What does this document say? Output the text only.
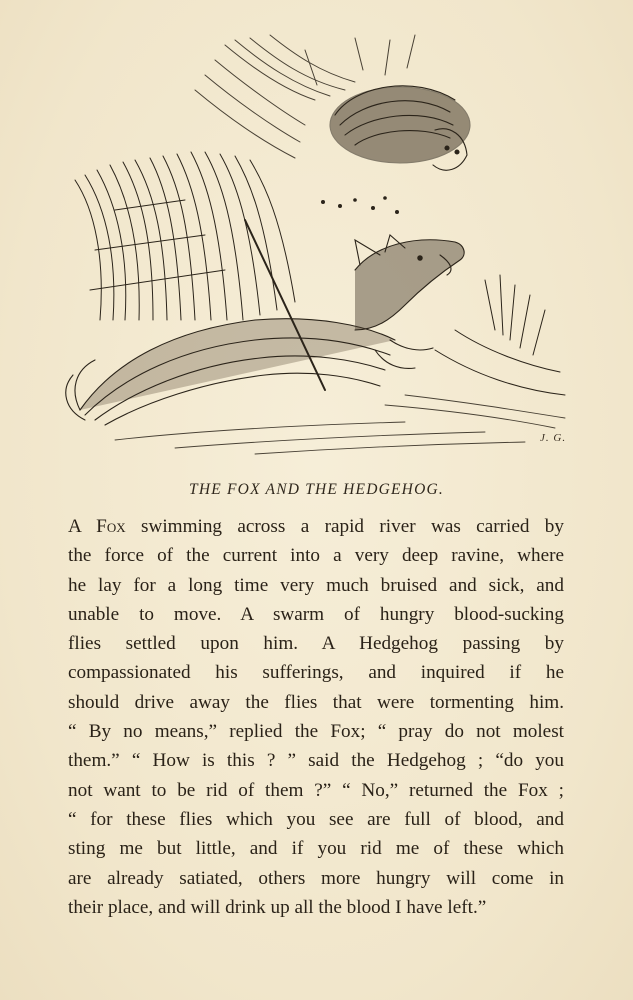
J. G.
THE FOX AND THE HEDGEHOG.
A Fox swimming across a rapid river was carried by
the force of the current into a very deep ravine, where
he lay for a long time very much bruised and sick, and
unable to move. A swarm of hungry blood-sucking
flies settled upon him. A Hedgehog passing by
compassionated his sufferings, and inquired if he
should drive away the flies that were tormenting him.
“ By no means,” replied the Fox; “ pray do not molest
them.” “ How is this ? ” said the Hedgehog ; “do you
not want to be rid of them ?” “ No,” returned the Fox ;
“ for these flies which you see are full of blood, and
sting me but little, and if you rid me of these which
are already satiated, others more hungry will come in
their place, and will drink up all the blood I have left.”
